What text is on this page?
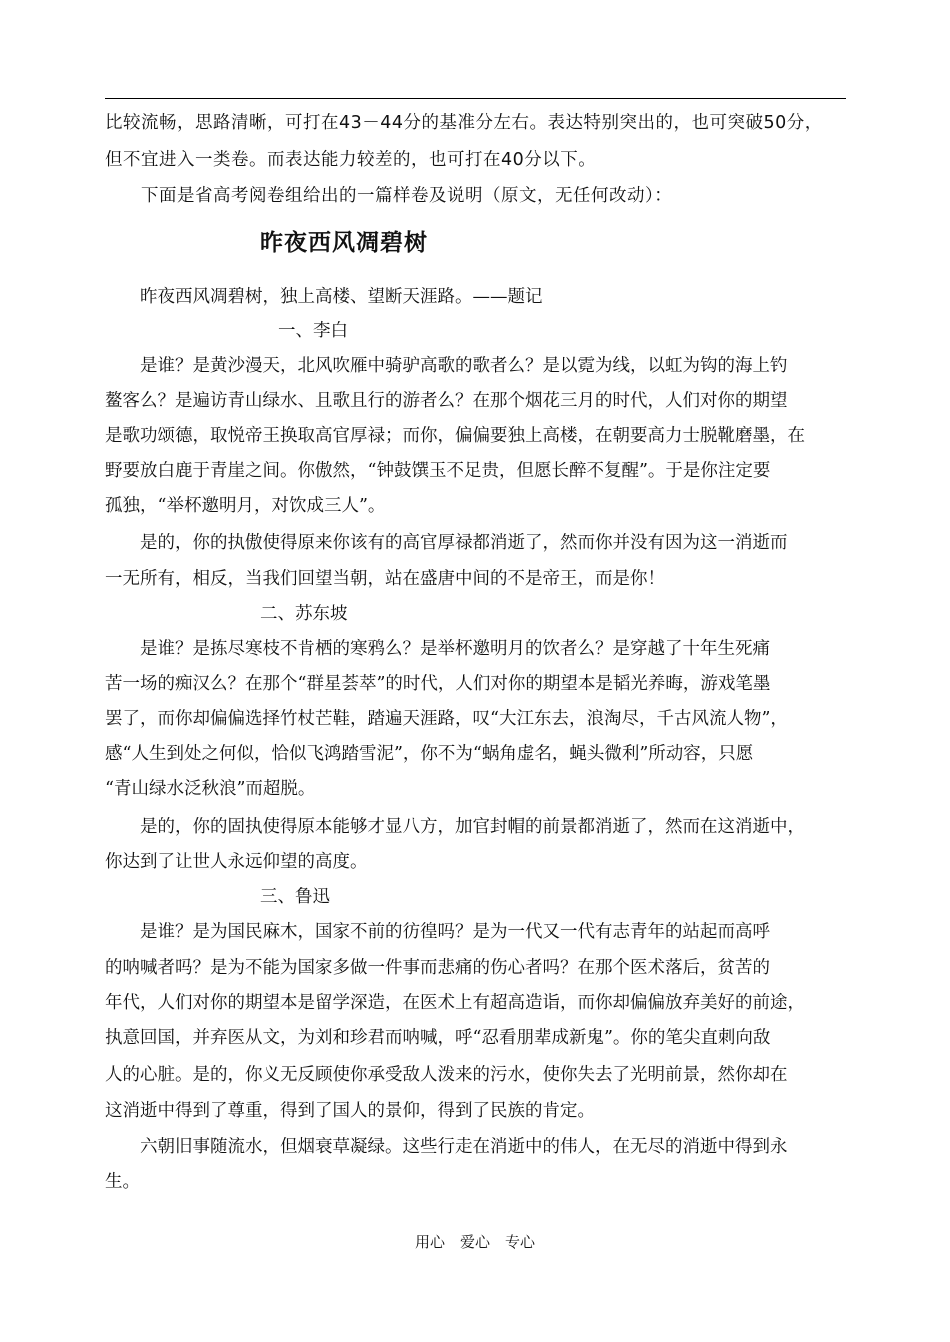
比较流畅，思路清晰，可打在43－44分的基准分左右。表达特别突出的，也可突破50分，
但不宜进入一类卷。而表达能力较差的，也可打在40分以下。
　　下面是省高考阅卷组给出的一篇样卷及说明（原文，无任何改动）：
昨夜西风凋碧树
　　昨夜西风凋碧树，独上高楼、望断天涯路。——题记
一、李白
　　是谁？是黄沙漫天，北风吹雁中骑驴高歌的歌者么？是以霓为线，以虹为钩的海上钓
鳌客么？是遍访青山绿水、且歌且行的游者么？在那个烟花三月的时代，人们对你的期望
是歌功颂德，取悦帝王换取高官厚禄；而你，偏偏要独上高楼，在朝要高力士脱靴磨墨，在
野要放白鹿于青崖之间。你傲然，“钟鼓馔玉不足贵，但愿长醉不复醒”。于是你注定要
孤独，“举杯邀明月，对饮成三人”。
　　是的，你的执傲使得原来你该有的高官厚禄都消逝了，然而你并没有因为这一消逝而
一无所有，相反，当我们回望当朝，站在盛唐中间的不是帝王，而是你！
二、苏东坡
　　是谁？是拣尽寒枝不肯栖的寒鸦么？是举杯邀明月的饮者么？是穿越了十年生死痛
苦一场的痴汉么？在那个“群星荟萃”的时代，人们对你的期望本是韬光养晦，游戏笔墨
罢了，而你却偏偏选择竹杖芒鞋，踏遍天涯路，叹“大江东去，浪淘尽，千古风流人物”，
感“人生到处之何似，恰似飞鸿踏雪泥”，你不为“蜗角虚名，蝇头微利”所动容，只愿
“青山绿水泛秋浪”而超脱。
　　是的，你的固执使得原本能够才显八方，加官封帽的前景都消逝了，然而在这消逝中，
你达到了让世人永远仰望的高度。
三、鲁迅
　　是谁？是为国民麻木，国家不前的彷徨吗？是为一代又一代有志青年的站起而高呼
的呐喊者吗？是为不能为国家多做一件事而悲痛的伤心者吗？在那个医术落后，贫苦的
年代，人们对你的期望本是留学深造，在医术上有超高造诣，而你却偏偏放弃美好的前途，
执意回国，并弃医从文，为刘和珍君而呐喊，呼“忍看朋辈成新鬼”。你的笔尖直刺向敌
人的心脏。是的，你义无反顾使你承受敌人泼来的污水，使你失去了光明前景，然你却在
这消逝中得到了尊重，得到了国人的景仰，得到了民族的肯定。
　　六朝旧事随流水，但烟衰草凝绿。这些行走在消逝中的伟人，在无尽的消逝中得到永
生。
用心　爱心　专心
